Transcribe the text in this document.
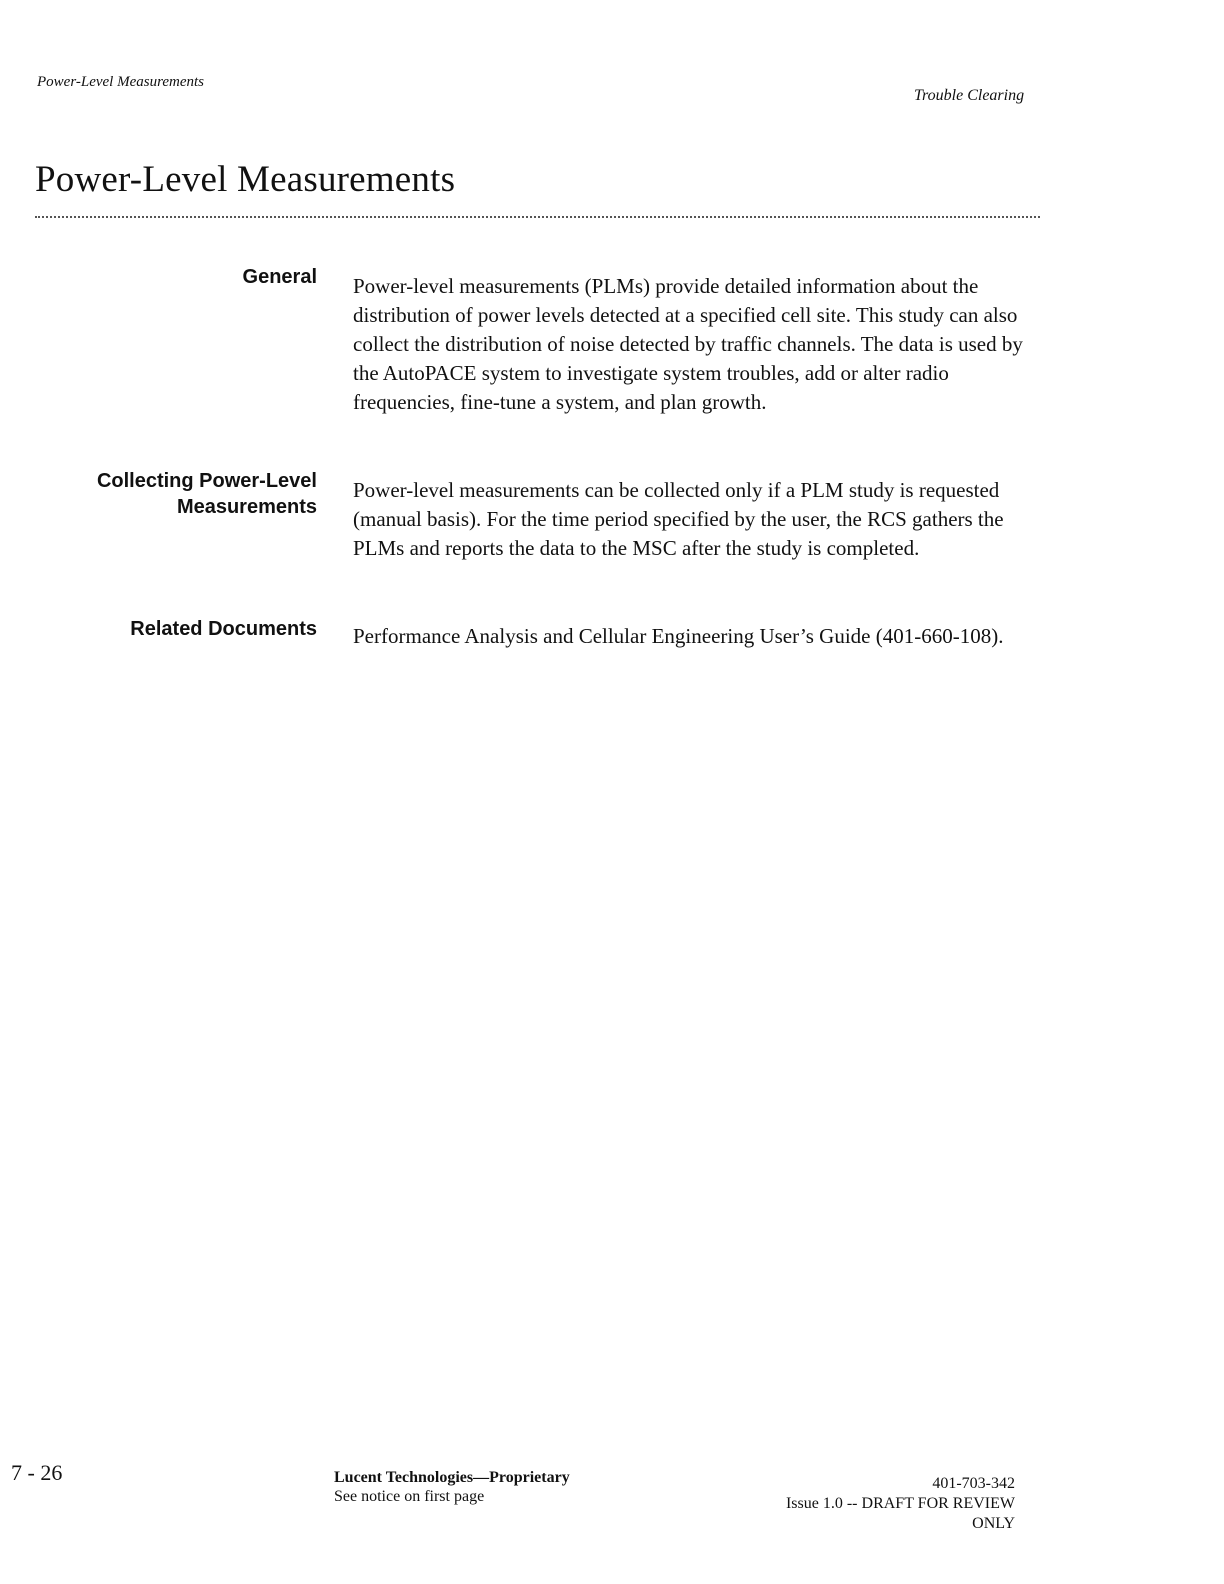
Power-Level Measurements
Trouble Clearing
Power-Level Measurements
General Power-level measurements (PLMs) provide detailed information about the distribution of power levels detected at a specified cell site. This study can also collect the distribution of noise detected by traffic channels. The data is used by the AutoPACE system to investigate system troubles, add or alter radio frequencies, fine-tune a system, and plan growth.
Collecting Power-Level
Measurements
Power-level measurements can be collected only if a PLM study is requested (manual basis). For the time period specified by the user, the RCS gathers the PLMs and reports the data to the MSC after the study is completed.
Related Documents Performance Analysis and Cellular Engineering User’s Guide (401-660-108).
7 - 26	Lucent Technologies—Proprietary
See notice on first page
401-703-342
Issue 1.0 -- DRAFT FOR REVIEW
ONLY
